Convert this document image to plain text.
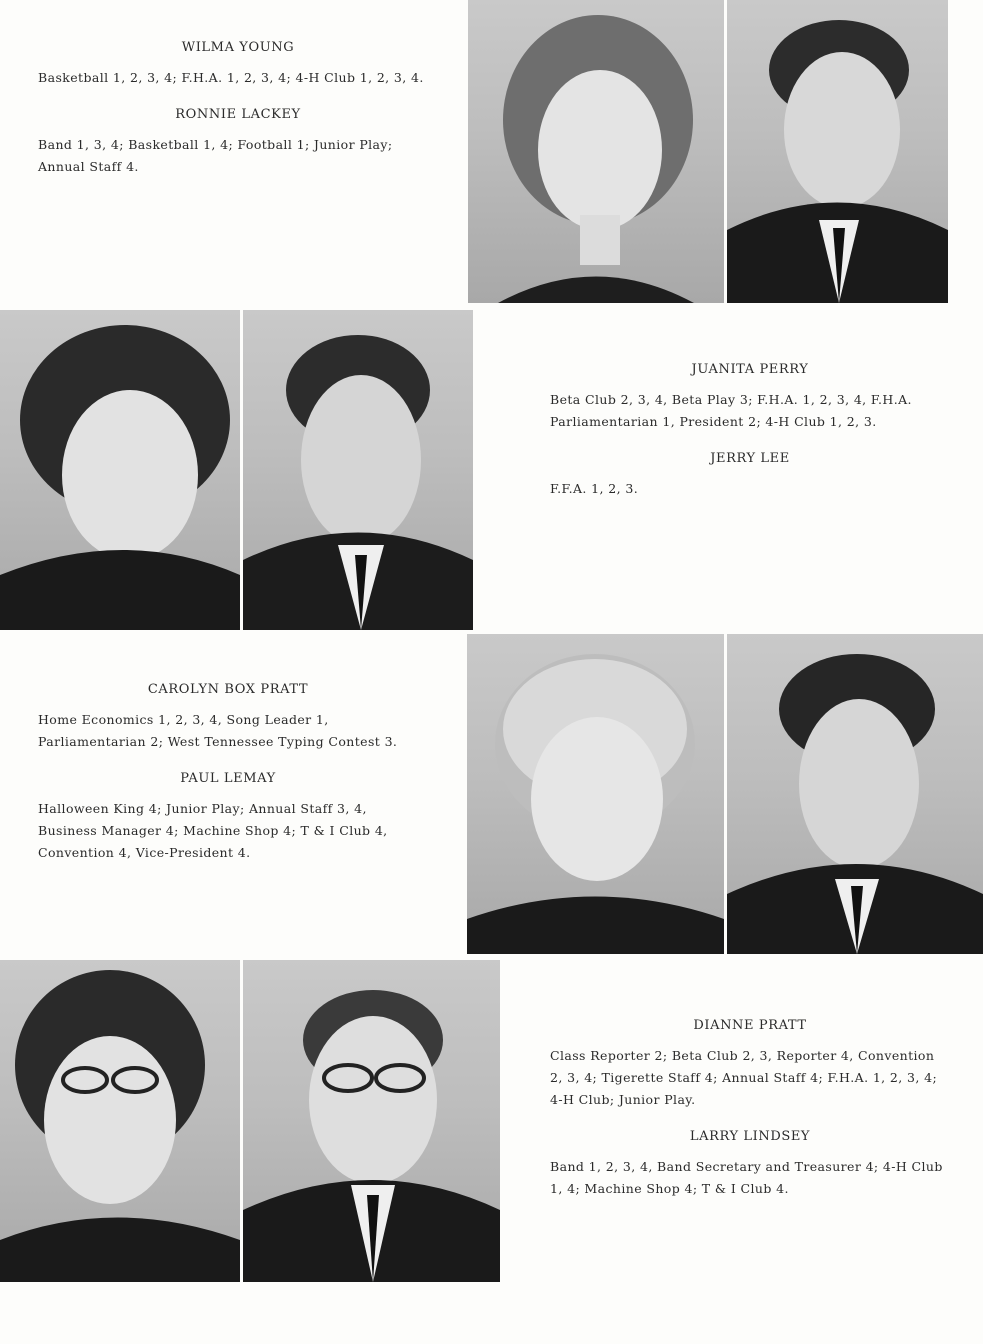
WILMA YOUNG
Basketball 1, 2, 3, 4; F.H.A. 1, 2, 3, 4; 4-H Club 1, 2, 3, 4.
RONNIE LACKEY
Band 1, 3, 4; Basketball 1, 4; Football 1; Junior Play; Annual Staff 4.
JUANITA PERRY
Beta Club 2, 3, 4, Beta Play 3; F.H.A. 1, 2, 3, 4, F.H.A. Parliamentarian 1, President 2; 4-H Club 1, 2, 3.
JERRY LEE
F.F.A. 1, 2, 3.
CAROLYN BOX PRATT
Home Economics 1, 2, 3, 4, Song Leader 1, Parliamentarian 2; West Tennessee Typing Contest 3.
PAUL LEMAY
Halloween King 4; Junior Play; Annual Staff 3, 4, Business Manager 4; Machine Shop 4; T & I Club 4, Convention 4, Vice-President 4.
DIANNE PRATT
Class Reporter 2; Beta Club 2, 3, Reporter 4, Convention 2, 3, 4; Tigerette Staff 4; Annual Staff 4; F.H.A. 1, 2, 3, 4; 4-H Club; Junior Play.
LARRY LINDSEY
Band 1, 2, 3, 4, Band Secretary and Treasurer 4; 4-H Club 1, 4; Machine Shop 4; T & I Club 4.
